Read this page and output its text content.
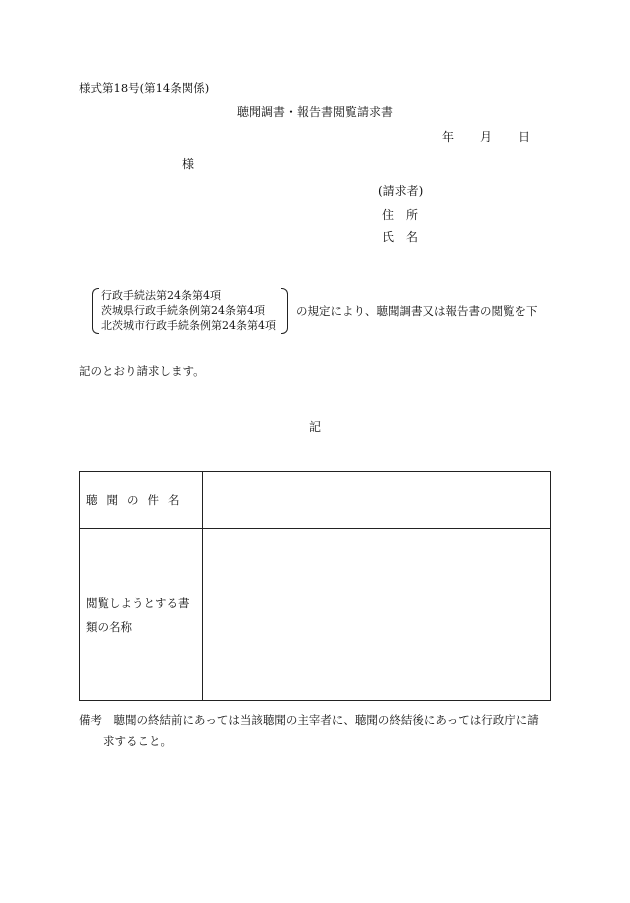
様式第18号(第14条関係)
聴聞調書・報告書閲覧請求書
年 月 日
様
(請求者)
住所
氏名
行政手続法第24条第4項
茨城県行政手続条例第24条第4項
北茨城市行政手続条例第24条第4項
の規定により、聴聞調書又は報告書の閲覧を下
記のとおり請求します。
記
聴聞の件名	

閲覧しようとする書
類の名称	

備考　聴聞の終結前にあっては当該聴聞の主宰者に、聴聞の終結後にあっては行政庁に請
求すること。
